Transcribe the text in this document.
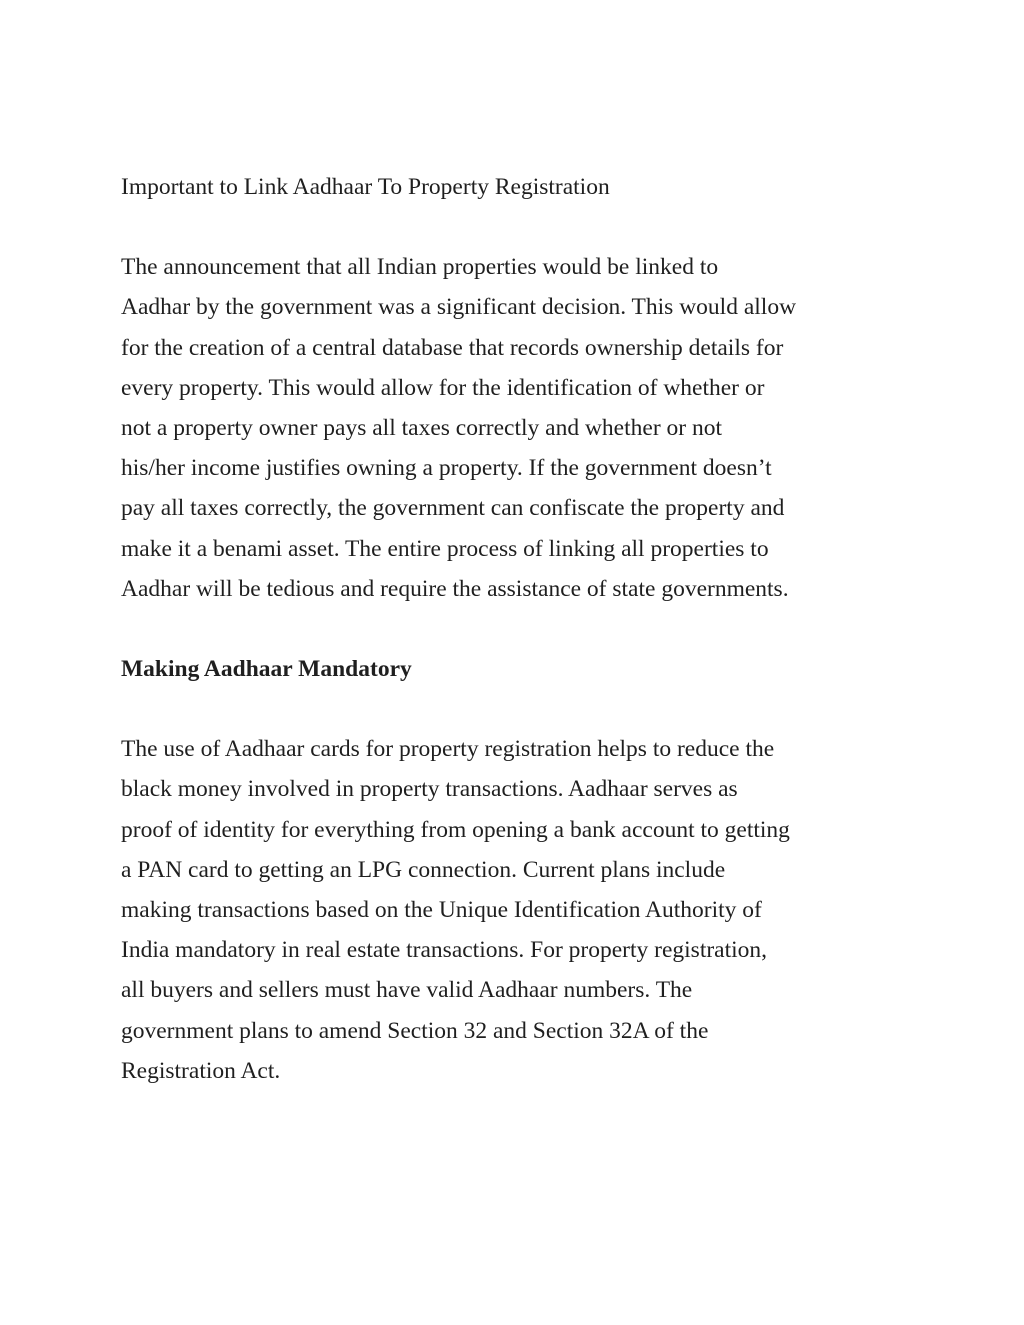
Important to Link Aadhaar To Property Registration
The announcement that all Indian properties would be linked to
Aadhar by the government was a significant decision. This would allow
for the creation of a central database that records ownership details for
every property. This would allow for the identification of whether or
not a property owner pays all taxes correctly and whether or not
his/her income justifies owning a property. If the government doesn’t
pay all taxes correctly, the government can confiscate the property and
make it a benami asset. The entire process of linking all properties to
Aadhar will be tedious and require the assistance of state governments.
Making Aadhaar Mandatory
The use of Aadhaar cards for property registration helps to reduce the
black money involved in property transactions. Aadhaar serves as
proof of identity for everything from opening a bank account to getting
a PAN card to getting an LPG connection. Current plans include
making transactions based on the Unique Identification Authority of
India mandatory in real estate transactions. For property registration,
all buyers and sellers must have valid Aadhaar numbers. The
government plans to amend Section 32 and Section 32A of the
Registration Act.
